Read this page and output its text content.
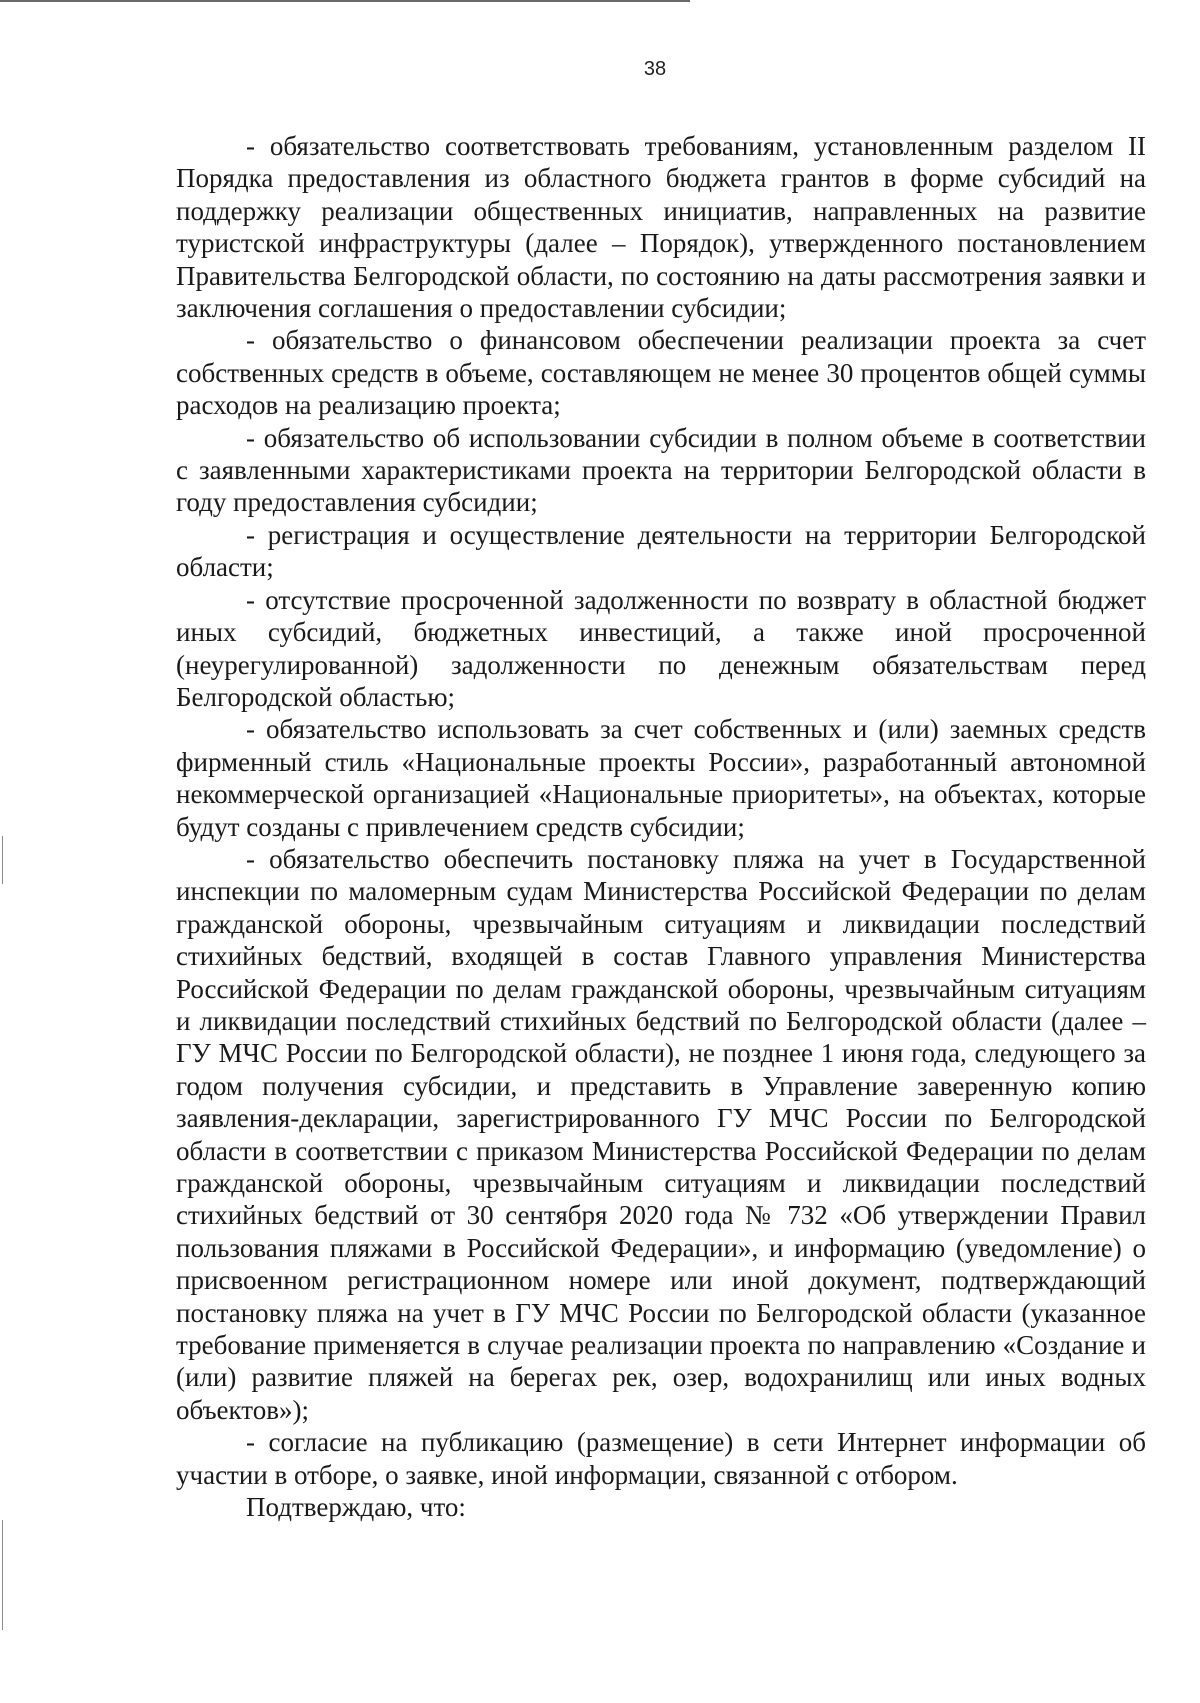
38

- обязательство соответствовать требованиям, установленным разделом II Порядка предоставления из областного бюджета грантов в форме субсидий на поддержку реализации общественных инициатив, направленных на развитие туристской инфраструктуры (далее – Порядок), утвержденного постановлением Правительства Белгородской области, по состоянию на даты рассмотрения заявки и заключения соглашения о предоставлении субсидии;

- обязательство о финансовом обеспечении реализации проекта за счет собственных средств в объеме, составляющем не менее 30 процентов общей суммы расходов на реализацию проекта;

- обязательство об использовании субсидии в полном объеме в соответствии с заявленными характеристиками проекта на территории Белгородской области в году предоставления субсидии;

- регистрация и осуществление деятельности на территории Белгородской области;

- отсутствие просроченной задолженности по возврату в областной бюджет иных субсидий, бюджетных инвестиций, а также иной просроченной (неурегулированной) задолженности по денежным обязательствам перед Белгородской областью;

- обязательство использовать за счет собственных и (или) заемных средств фирменный стиль «Национальные проекты России», разработанный автономной некоммерческой организацией «Национальные приоритеты», на объектах, которые будут созданы с привлечением средств субсидии;

- обязательство обеспечить постановку пляжа на учет в Государственной инспекции по маломерным судам Министерства Российской Федерации по делам гражданской обороны, чрезвычайным ситуациям и ликвидации последствий стихийных бедствий, входящей в состав Главного управления Министерства Российской Федерации по делам гражданской обороны, чрезвычайным ситуациям и ликвидации последствий стихийных бедствий по Белгородской области (далее – ГУ МЧС России по Белгородской области), не позднее 1 июня года, следующего за годом получения субсидии, и представить в Управление заверенную копию заявления-декларации, зарегистрированного ГУ МЧС России по Белгородской области в соответствии с приказом Министерства Российской Федерации по делам гражданской обороны, чрезвычайным ситуациям и ликвидации последствий стихийных бедствий от 30 сентября 2020 года № 732 «Об утверждении Правил пользования пляжами в Российской Федерации», и информацию (уведомление) о присвоенном регистрационном номере или иной документ, подтверждающий постановку пляжа на учет в ГУ МЧС России по Белгородской области (указанное требование применяется в случае реализации проекта по направлению «Создание и (или) развитие пляжей на берегах рек, озер, водохранилищ или иных водных объектов»);

- согласие на публикацию (размещение) в сети Интернет информации об участии в отборе, о заявке, иной информации, связанной с отбором.

Подтверждаю, что:
